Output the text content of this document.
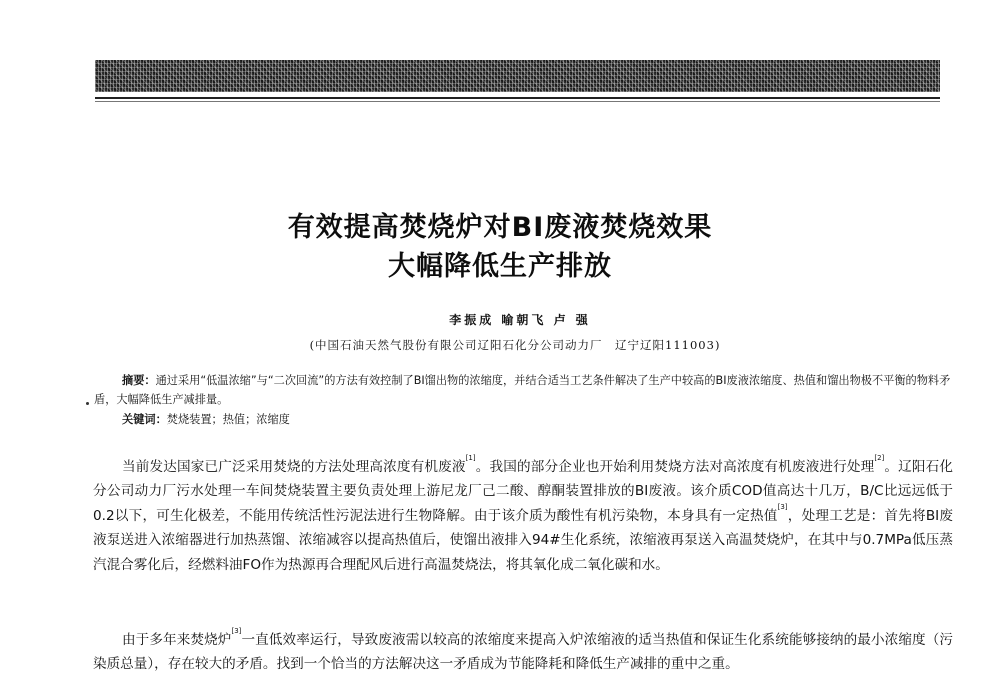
有效提高焚烧炉对BI废液焚烧效果
大幅降低生产排放
李振成 喻朝飞 卢 强
(中国石油天然气股份有限公司辽阳石化分公司动力厂　辽宁辽阳111003)
摘要：通过采用“低温浓缩”与“二次回流”的方法有效控制了BI馏出物的浓缩度，并结合适当工艺条件解决了生产中较高的BI废液浓缩度、热值和馏出物极不平衡的物料矛盾，大幅降低生产减排量。
关键词：焚烧装置；热值；浓缩度
当前发达国家已广泛采用焚烧的方法处理高浓度有机废液[1]。我国的部分企业也开始利用焚烧方法对高浓度有机废液进行处理[2]。辽阳石化分公司动力厂污水处理一车间焚烧装置主要负责处理上游尼龙厂己二酸、醇酮装置排放的BI废液。该介质COD值高达十几万，B/C比远远低于0.2以下，可生化极差，不能用传统活性污泥法进行生物降解。由于该介质为酸性有机污染物，本身具有一定热值[3]，处理工艺是：首先将BI废液泵送进入浓缩器进行加热蒸馏、浓缩减容以提高热值后，使馏出液排入94#生化系统，浓缩液再泵送入高温焚烧炉，在其中与0.7MPa低压蒸汽混合雾化后，经燃料油FO作为热源再合理配风后进行高温焚烧法，将其氧化成二氧化碳和水。
由于多年来焚烧炉[3]一直低效率运行，导致废液需以较高的浓缩度来提高入炉浓缩液的适当热值和保证生化系统能够接纳的最小浓缩度（污染质总量），存在较大的矛盾。找到一个恰当的方法解决这一矛盾成为节能降耗和降低生产减排的重中之重。
